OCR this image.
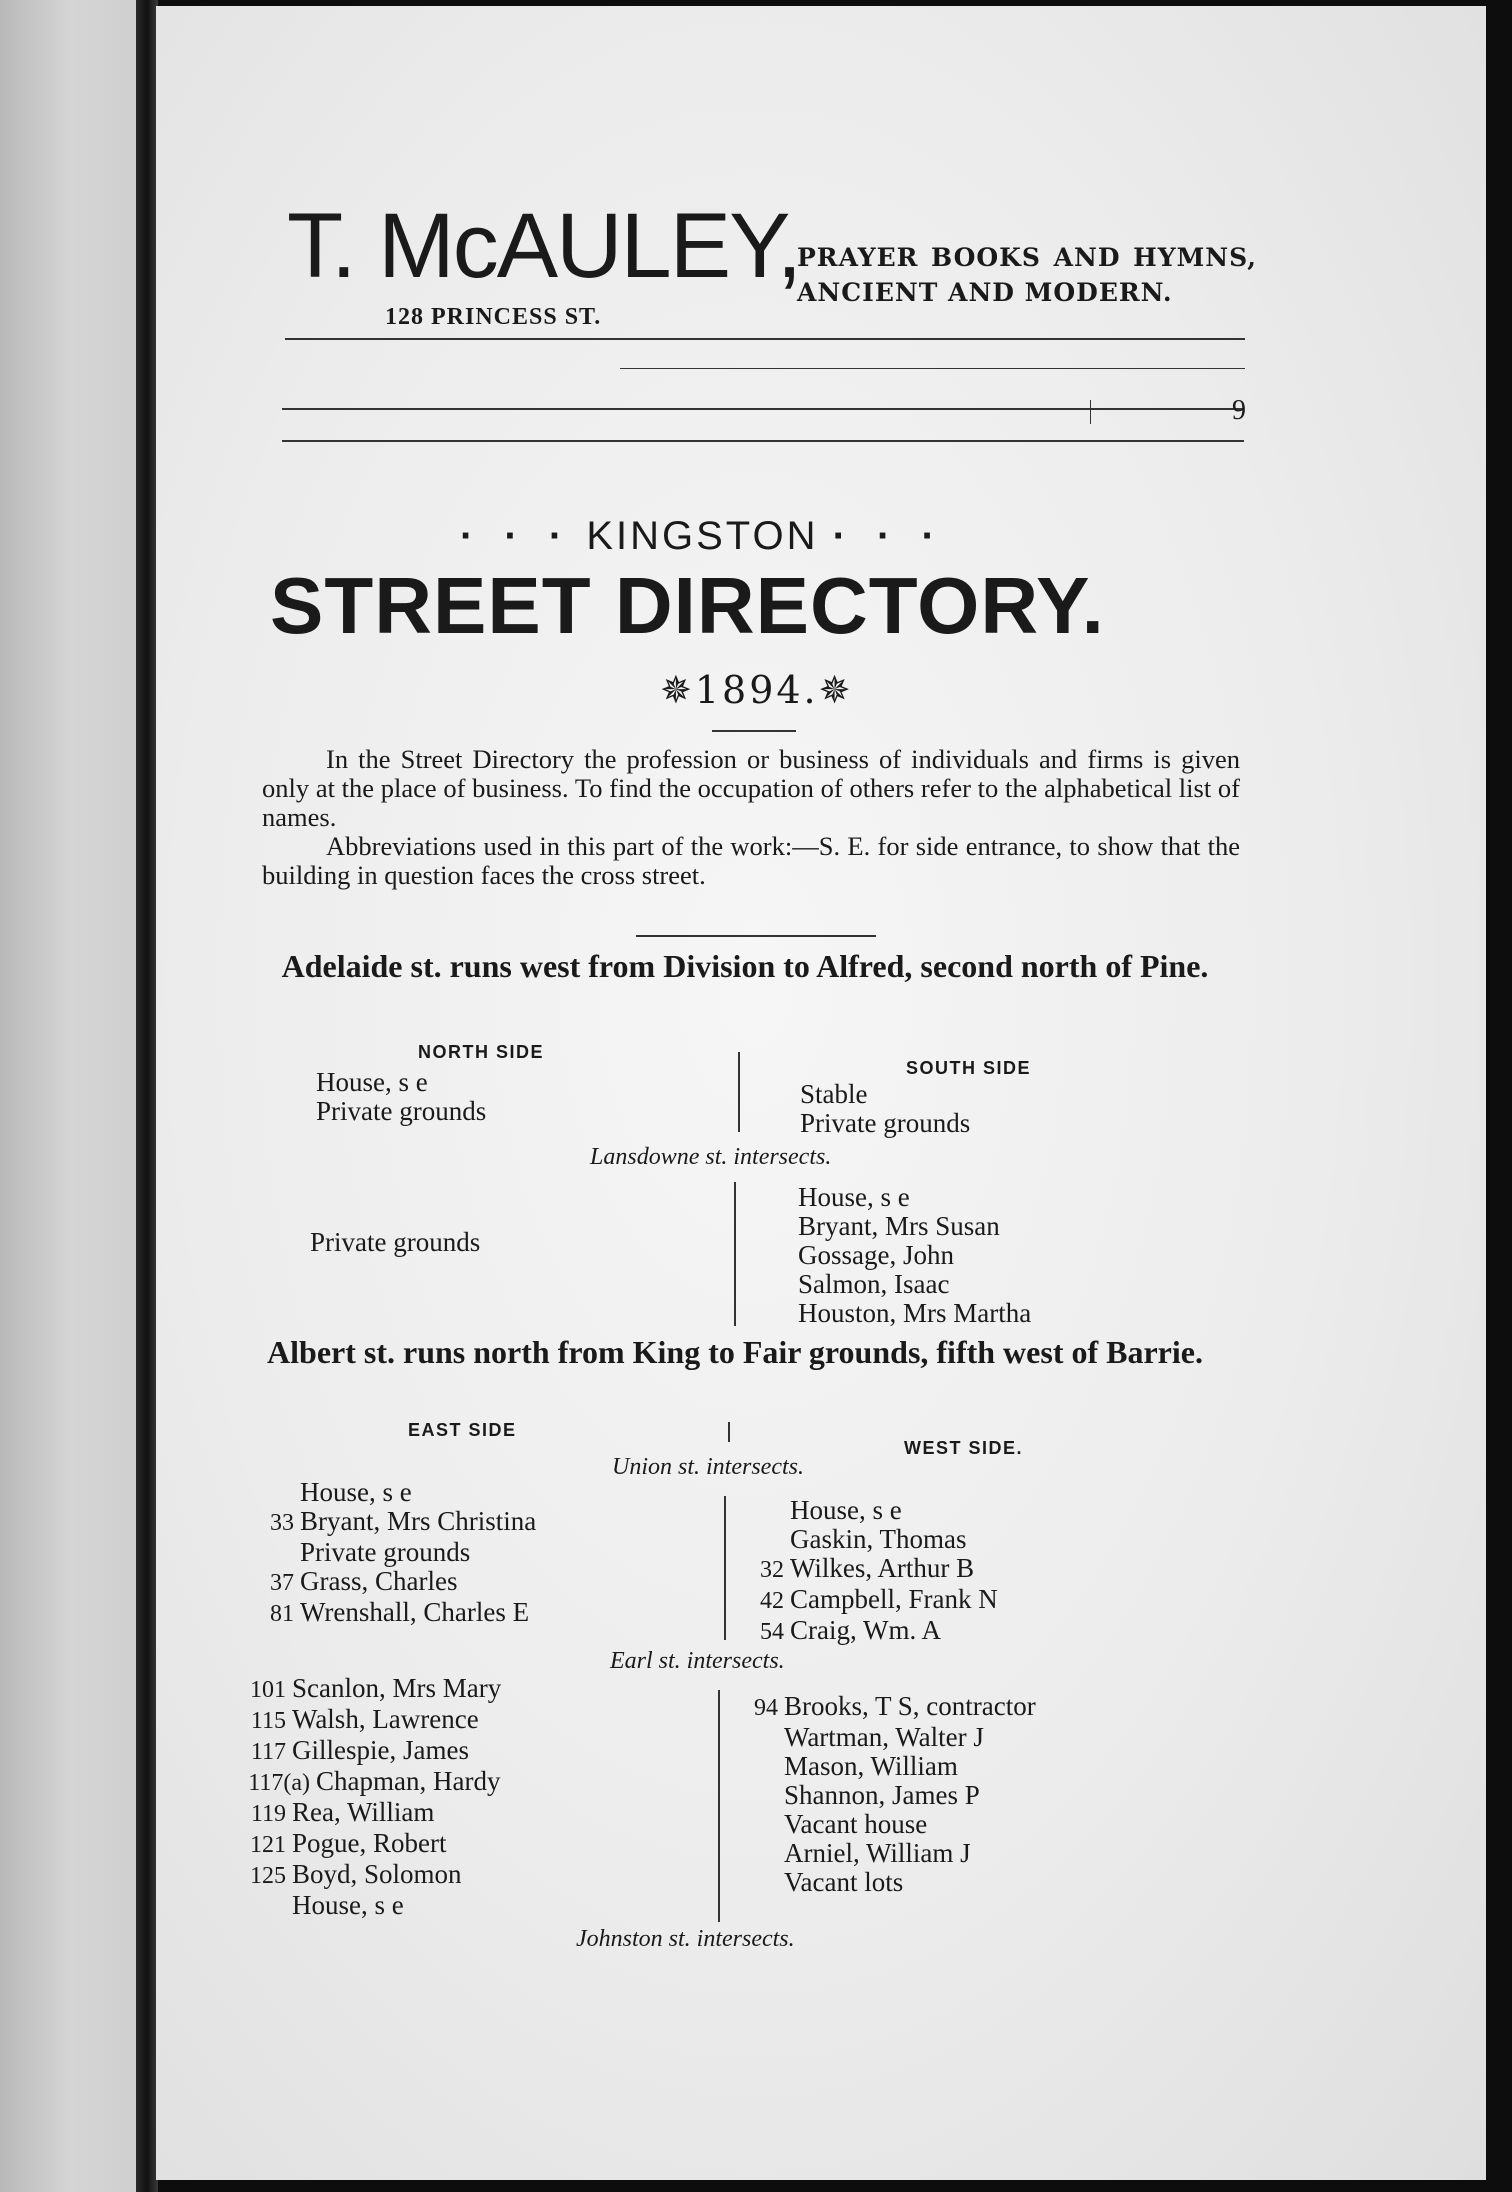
T. McAULEY,
128 PRINCESS ST.
PRAYER BOOKS AND HYMNS, ANCIENT AND MODERN.
9
· · · KINGSTON · · ·
STREET DIRECTORY.
✵1894.✵

In the Street Directory the profession or business of individuals and firms is given only at the place of business. To find the occupation of others refer to the alphabetical list of names.

Abbreviations used in this part of the work:—S. E. for side entrance, to show that the building in question faces the cross street.

Adelaide st. runs west from Division to Alfred, second north of Pine.
NORTH SIDE
SOUTH SIDE
House, s e
Private grounds
Stable
Private grounds
Lansdowne st. intersects.
Private grounds
House, s e
Bryant, Mrs Susan
Gossage, John
Salmon, Isaac
Houston, Mrs Martha
Albert st. runs north from King to Fair grounds, fifth west of Barrie.
EAST SIDE
WEST SIDE.
Union st. intersects.
House, s e
33 Bryant, Mrs Christina
Private grounds
37 Grass, Charles
81 Wrenshall, Charles E
House, s e
Gaskin, Thomas
32 Wilkes, Arthur B
42 Campbell, Frank N
54 Craig, Wm. A
Earl st. intersects.
101 Scanlon, Mrs Mary
115 Walsh, Lawrence
117 Gillespie, James
117(a) Chapman, Hardy
119 Rea, William
121 Pogue, Robert
125 Boyd, Solomon
House, s e
94 Brooks, T S, contractor
Wartman, Walter J
Mason, William
Shannon, James P
Vacant house
Arniel, William J
Vacant lots
Johnston st. intersects.
